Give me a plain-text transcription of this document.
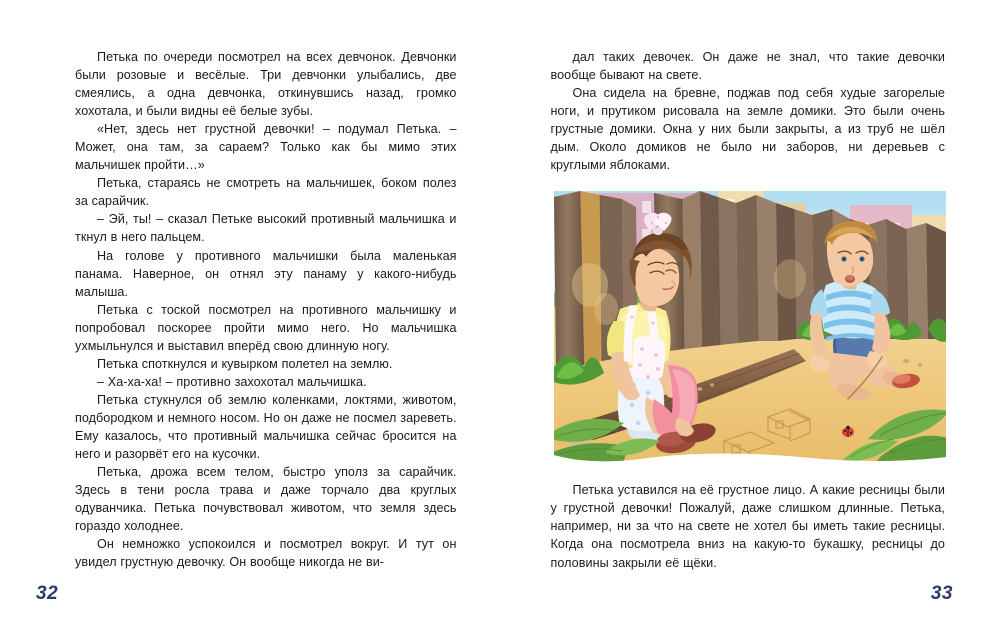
Петька по очереди посмотрел на всех девчонок. Девчонки были розовые и весёлые. Три девчонки улыбались, две смеялись, а одна девчонка, откинувшись назад, громко хохотала, и были видны её белые зубы.

«Нет, здесь нет грустной девочки! – подумал Петька. – Может, она там, за сараем? Только как бы мимо этих мальчишек пройти…»

Петька, стараясь не смотреть на мальчишек, боком полез за сарайчик.

– Эй, ты! – сказал Петьке высокий противный мальчишка и ткнул в него пальцем.

На голове у противного мальчишки была маленькая панама. Наверное, он отнял эту панаму у какого-нибудь малыша.

Петька с тоской посмотрел на противного мальчишку и попробовал поскорее пройти мимо него. Но мальчишка ухмыльнулся и выставил вперёд свою длинную ногу.

Петька споткнулся и кувырком полетел на землю.

– Ха-ха-ха! – противно захохотал мальчишка.

Петька стукнулся об землю коленками, локтями, животом, подбородком и немного носом. Но он даже не посмел зареветь. Ему казалось, что противный мальчишка сейчас бросится на него и разорвёт его на кусочки.

Петька, дрожа всем телом, быстро уполз за сарайчик. Здесь в тени росла трава и даже торчало два круглых одуванчика. Петька почувствовал животом, что земля здесь гораздо холоднее.

Он немножко успокоился и посмотрел вокруг. И тут он увидел грустную девочку. Он вообще никогда не ви-

32

дал таких девочек. Он даже не знал, что такие девочки вообще бывают на свете.

Она сидела на бревне, поджав под себя худые загорелые ноги, и прутиком рисовала на земле домики. Это были очень грустные домики. Окна у них были закрыты, а из труб не шёл дым. Около домиков не было ни заборов, ни деревьев с круглыми яблоками.

Петька уставился на её грустное лицо. А какие ресницы были у грустной девочки! Пожалуй, даже слишком длинные. Петька, например, ни за что на свете не хотел бы иметь такие ресницы. Когда она посмотрела вниз на какую-то букашку, ресницы до половины закрыли её щёки.

33
